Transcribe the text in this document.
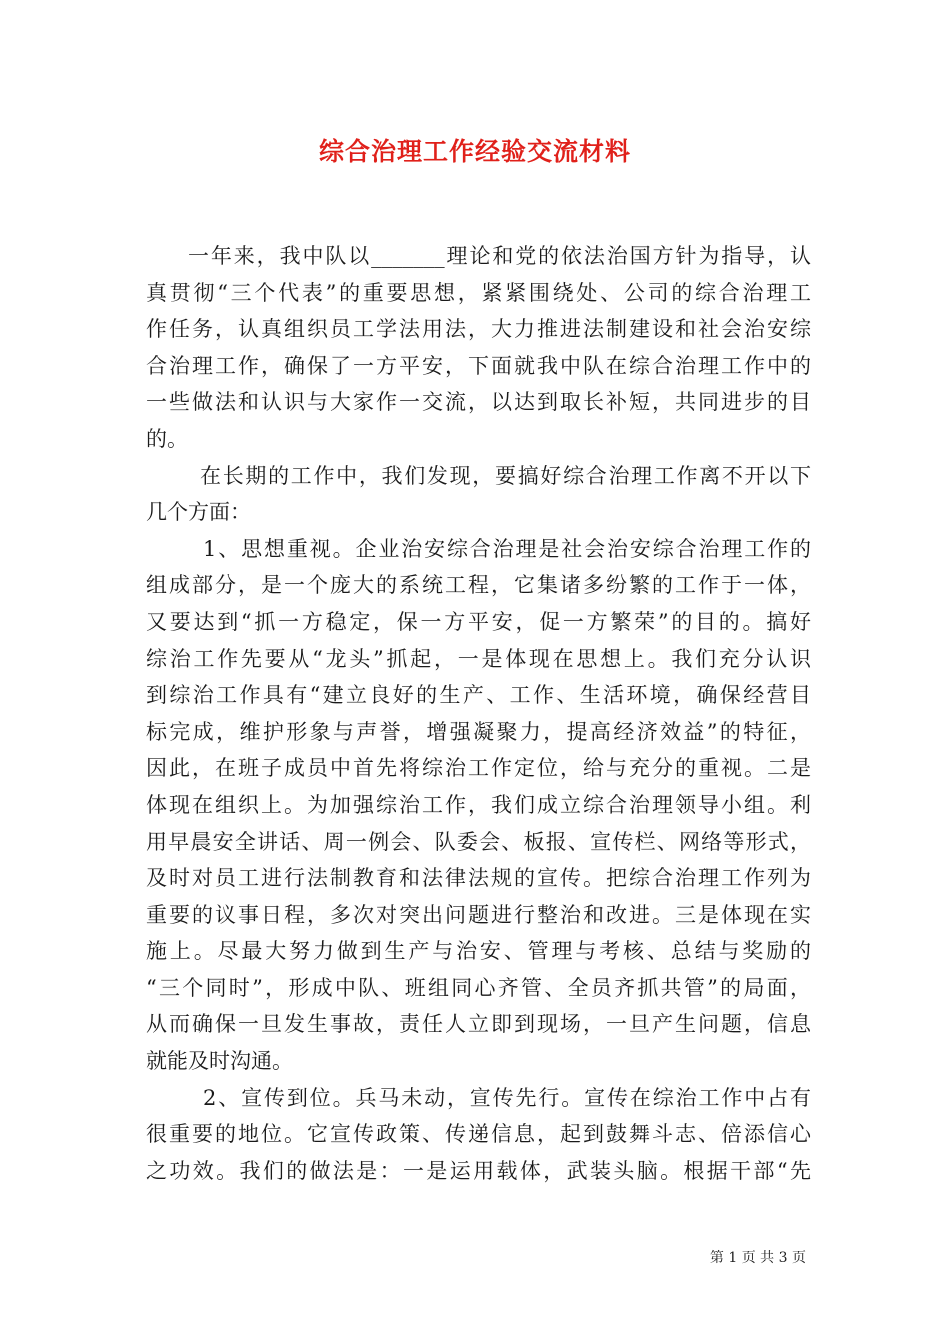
综合治理工作经验交流材料
一年来，我中队以_______理论和党的依法治国方针为指导，认
真贯彻“三个代表”的重要思想，紧紧围绕处、公司的综合治理工
作任务，认真组织员工学法用法，大力推进法制建设和社会治安综
合治理工作，确保了一方平安，下面就我中队在综合治理工作中的
一些做法和认识与大家作一交流，以达到取长补短，共同进步的目
的。
在长期的工作中，我们发现，要搞好综合治理工作离不开以下
几个方面：
1、思想重视。企业治安综合治理是社会治安综合治理工作的
组成部分，是一个庞大的系统工程，它集诸多纷繁的工作于一体，
又要达到“抓一方稳定，保一方平安，促一方繁荣”的目的。搞好
综治工作先要从“龙头”抓起，一是体现在思想上。我们充分认识
到综治工作具有“建立良好的生产、工作、生活环境，确保经营目
标完成，维护形象与声誉，增强凝聚力，提高经济效益”的特征，
因此，在班子成员中首先将综治工作定位，给与充分的重视。二是
体现在组织上。为加强综治工作，我们成立综合治理领导小组。利
用早晨安全讲话、周一例会、队委会、板报、宣传栏、网络等形式，
及时对员工进行法制教育和法律法规的宣传。把综合治理工作列为
重要的议事日程，多次对突出问题进行整治和改进。三是体现在实
施上。尽最大努力做到生产与治安、管理与考核、总结与奖励的
“三个同时”，形成中队、班组同心齐管、全员齐抓共管”的局面，
从而确保一旦发生事故，责任人立即到现场，一旦产生问题，信息
就能及时沟通。
2、宣传到位。兵马未动，宣传先行。宣传在综治工作中占有
很重要的地位。它宣传政策、传递信息，起到鼓舞斗志、倍添信心
之功效。我们的做法是：一是运用载体，武装头脑。根据干部“先
第 1 页 共 3 页
